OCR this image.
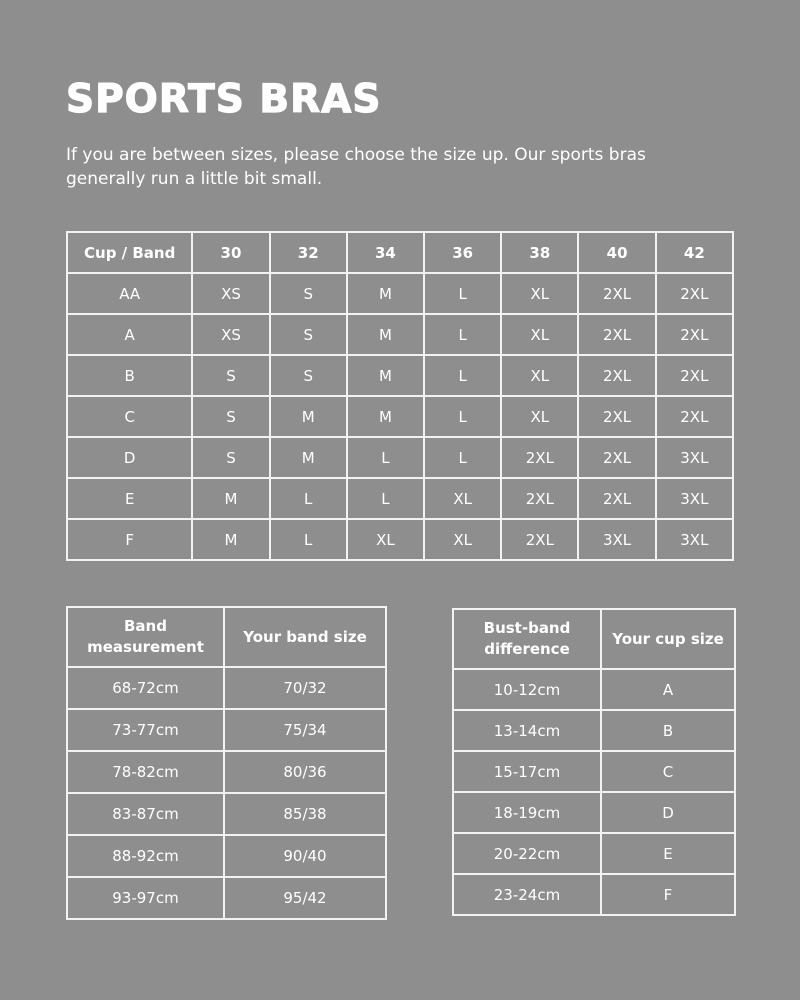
SPORTS BRAS

If you are between sizes, please choose the size up. Our sports bras generally run a little bit small.

Cup / Band	30	32	34	36	38	40	42
AA	XS	S	M	L	XL	2XL	2XL
A	XS	S	M	L	XL	2XL	2XL
B	S	S	M	L	XL	2XL	2XL
C	S	M	M	L	XL	2XL	2XL
D	S	M	L	L	2XL	2XL	3XL
E	M	L	L	XL	2XL	2XL	3XL
F	M	L	XL	XL	2XL	3XL	3XL
Band measurement	Your band size
68-72cm	70/32
73-77cm	75/34
78-82cm	80/36
83-87cm	85/38
88-92cm	90/40
93-97cm	95/42
Bust-band difference	Your cup size
10-12cm	A
13-14cm	B
15-17cm	C
18-19cm	D
20-22cm	E
23-24cm	F
